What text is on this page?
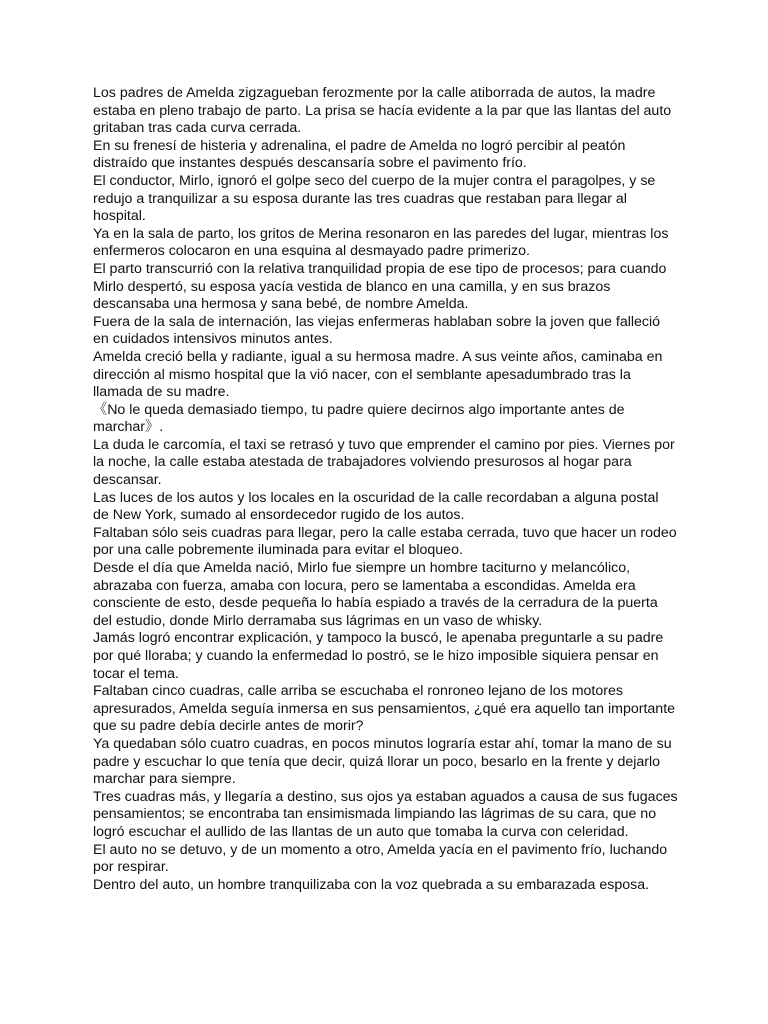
Los padres de Amelda zigzagueban ferozmente por la calle atiborrada de autos, la madre estaba en pleno trabajo de parto. La prisa se hacía evidente a la par que las llantas del auto gritaban tras cada curva cerrada.

En su frenesí de histeria y adrenalina, el padre de Amelda no logró percibir al peatón distraído que instantes después descansaría sobre el pavimento frío.

El conductor, Mirlo, ignoró el golpe seco del cuerpo de la mujer contra el paragolpes, y se redujo a tranquilizar a su esposa durante las tres cuadras que restaban para llegar al hospital.

Ya en la sala de parto, los gritos de Merina resonaron en las paredes del lugar, mientras los enfermeros colocaron en una esquina al desmayado padre primerizo.

El parto transcurrió con la relativa tranquilidad propia de ese tipo de procesos; para cuando Mirlo despertó, su esposa yacía vestida de blanco en una camilla, y en sus brazos descansaba una hermosa y sana bebé, de nombre Amelda.

Fuera de la sala de internación, las viejas enfermeras hablaban sobre la joven que falleció en cuidados intensivos minutos antes.

Amelda creció bella y radiante, igual a su hermosa madre. A sus veinte años, caminaba en dirección al mismo hospital que la vió nacer, con el semblante apesadumbrado tras la llamada de su madre.

《No le queda demasiado tiempo, tu padre quiere decirnos algo importante antes de marchar》.

La duda le carcomía, el taxi se retrasó y tuvo que emprender el camino por pies. Viernes por la noche, la calle estaba atestada de trabajadores volviendo presurosos al hogar para descansar.

Las luces de los autos y los locales en la oscuridad de la calle recordaban a alguna postal de New York, sumado al ensordecedor rugido de los autos.

Faltaban sólo seis cuadras para llegar, pero la calle estaba cerrada, tuvo que hacer un rodeo por una calle pobremente iluminada para evitar el bloqueo.

Desde el día que Amelda nació, Mirlo fue siempre un hombre taciturno y melancólico, abrazaba con fuerza, amaba con locura, pero se lamentaba a escondidas. Amelda era consciente de esto, desde pequeña lo había espiado a través de la cerradura de la puerta del estudio, donde Mirlo derramaba sus lágrimas en un vaso de whisky.

Jamás logró encontrar explicación, y tampoco la buscó, le apenaba preguntarle a su padre por qué lloraba; y cuando la enfermedad lo postró, se le hizo imposible siquiera pensar en tocar el tema.

Faltaban cinco cuadras, calle arriba se escuchaba el ronroneo lejano de los motores apresurados, Amelda seguía inmersa en sus pensamientos, ¿qué era aquello tan importante que su padre debía decirle antes de morir?

Ya quedaban sólo cuatro cuadras, en pocos minutos lograría estar ahí, tomar la mano de su padre y escuchar lo que tenía que decir, quizá llorar un poco, besarlo en la frente y dejarlo marchar para siempre.

Tres cuadras más, y llegaría a destino, sus ojos ya estaban aguados a causa de sus fugaces pensamientos; se encontraba tan ensimismada limpiando las lágrimas de su cara, que no logró escuchar el aullido de las llantas de un auto que tomaba la curva con celeridad.

El auto no se detuvo, y de un momento a otro, Amelda yacía en el pavimento frío, luchando por respirar.

Dentro del auto, un hombre tranquilizaba con la voz quebrada a su embarazada esposa.
